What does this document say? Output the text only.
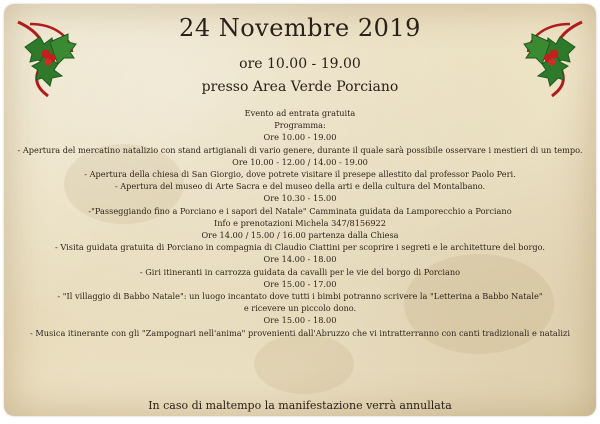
24 Novembre 2019
ore 10.00 - 19.00
presso Area Verde Porciano
Evento ad entrata gratuita
Programma:
Ore 10.00 - 19.00
- Apertura del mercatino natalizio con stand artigianali di vario genere, durante il quale sarà possibile osservare i mestieri di un tempo.
Ore 10.00 - 12.00 / 14.00 - 19.00
- Apertura della chiesa di San Giorgio, dove potrete visitare il presepe allestito dal professor Paolo Peri.
- Apertura del museo di Arte Sacra e del museo della arti e della cultura del Montalbano.
Ore 10.30 - 15.00
-"Passeggiando fino a Porciano e i sapori del Natale" Camminata guidata da Lamporecchio a Porciano
Info e prenotazioni Michela 347/8156922
Ore 14.00 / 15.00 / 16.00 partenza dalla Chiesa
- Visita guidata gratuita di Porciano in compagnia di Claudio Ciattini per scoprire i segreti e le architetture del borgo.
Ore 14.00 - 18.00
- Giri itineranti in carrozza guidata da cavalli per le vie del borgo di Porciano
Ore 15.00 - 17.00
- "Il villaggio di Babbo Natale": un luogo incantato dove tutti i bimbi potranno scrivere la "Letterina a Babbo Natale"
e ricevere un piccolo dono.
Ore 15.00 - 18.00
- Musica itinerante con gli "Zampognari nell'anima" provenienti dall'Abruzzo che vi intratterranno con canti tradizionali e natalizi
In caso di maltempo la manifestazione verrà annullata
